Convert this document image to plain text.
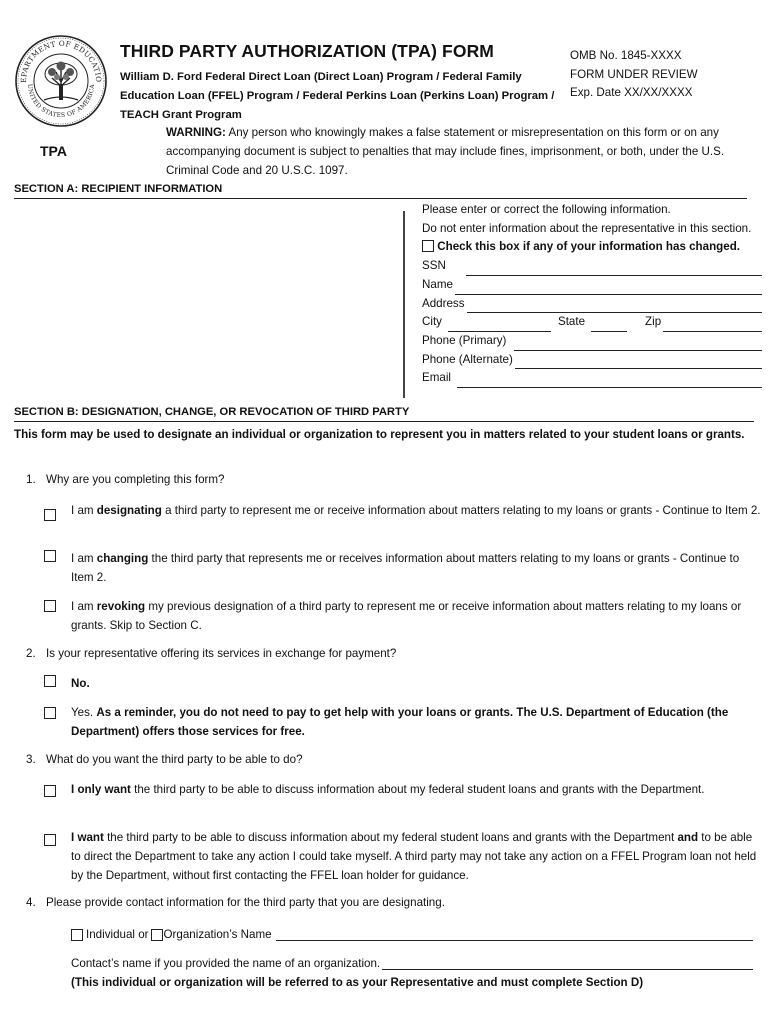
EPARTMENT OF EDUCATIO
UNITED STATES OF AMERICA
THIRD PARTY AUTHORIZATION (TPA) FORM
William D. Ford Federal Direct Loan (Direct Loan) Program / Federal Family Education Loan (FFEL) Program / Federal Perkins Loan (Perkins Loan) Program / TEACH Grant Program
OMB No. 1845-XXXX
FORM UNDER REVIEW
Exp. Date XX/XX/XXXX
WARNING: Any person who knowingly makes a false statement or misrepresentation on this form or on any accompanying document is subject to penalties that may include fines, imprisonment, or both, under the U.S. Criminal Code and 20 U.S.C. 1097.
TPA
SECTION A: RECIPIENT INFORMATION
Please enter or correct the following information.
Do not enter information about the representative in this section.
Check this box if any of your information has changed.
SSN
Name
Address
City	State	Zip
Phone (Primary)
Phone (Alternate)
Email
SECTION B: DESIGNATION, CHANGE, OR REVOCATION OF THIRD PARTY
This form may be used to designate an individual or organization to represent you in matters related to your student loans or grants.
1. Why are you completing this form?
I am designating a third party to represent me or receive information about matters relating to my loans or grants - Continue to Item 2.
I am changing the third party that represents me or receives information about matters relating to my loans or grants - Continue to Item 2.
I am revoking my previous designation of a third party to represent me or receive information about matters relating to my loans or grants. Skip to Section C.
2. Is your representative offering its services in exchange for payment?
No.
Yes. As a reminder, you do not need to pay to get help with your loans or grants. The U.S. Department of Education (the Department) offers those services for free.
3. What do you want the third party to be able to do?
I only want the third party to be able to discuss information about my federal student loans and grants with the Department.
I want the third party to be able to discuss information about my federal student loans and grants with the Department and to be able to direct the Department to take any action I could take myself. A third party may not take any action on a FFEL Program loan not held by the Department, without first contacting the FFEL loan holder for guidance.
4. Please provide contact information for the third party that you are designating.
Individual or Organization’s Name
Contact’s name if you provided the name of an organization.
(This individual or organization will be referred to as your Representative and must complete Section D)
